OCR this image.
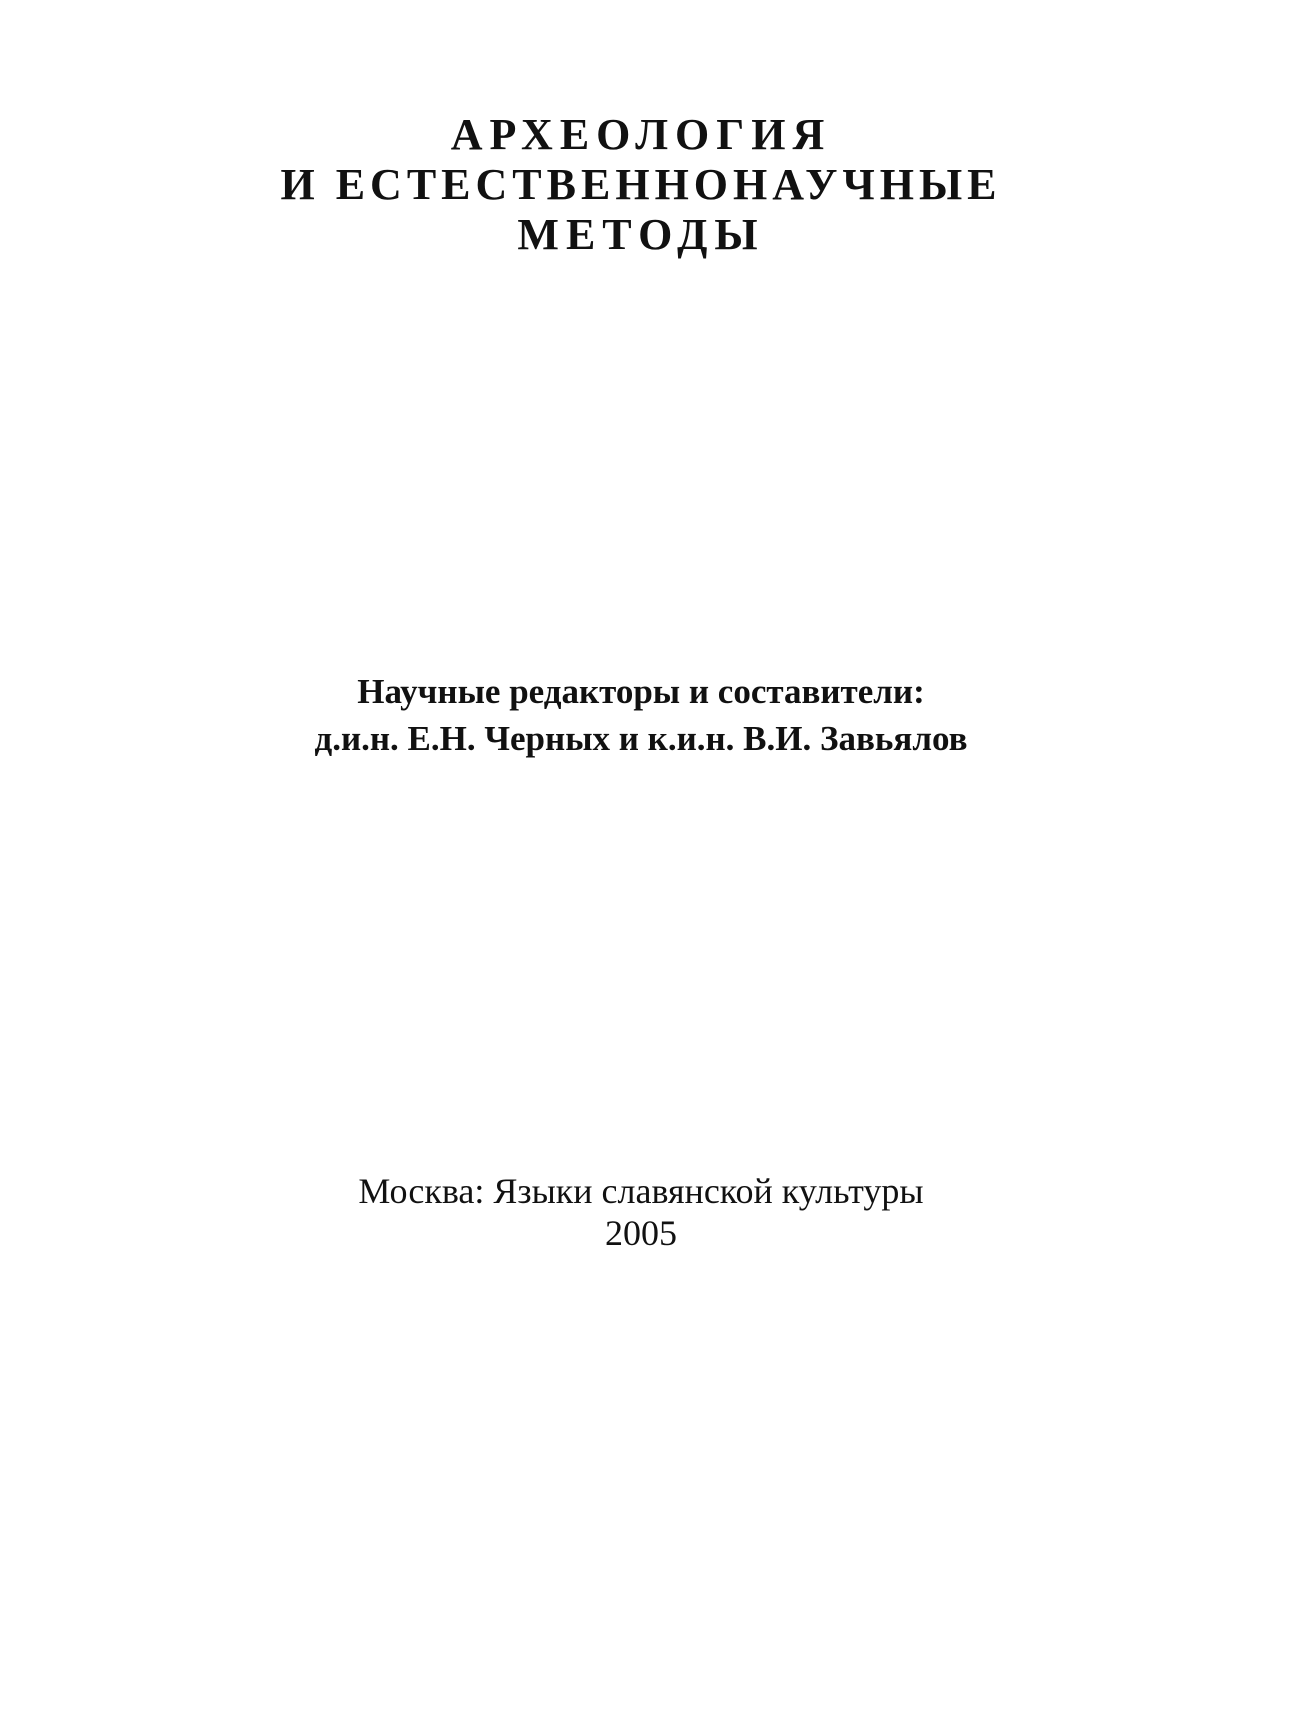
АРХЕОЛОГИЯ
И ЕСТЕСТВЕННОНАУЧНЫЕ
МЕТОДЫ
Научные редакторы и составители:
д.и.н. Е.Н. Черных и к.и.н. В.И. Завьялов
Москва: Языки славянской культуры
2005
